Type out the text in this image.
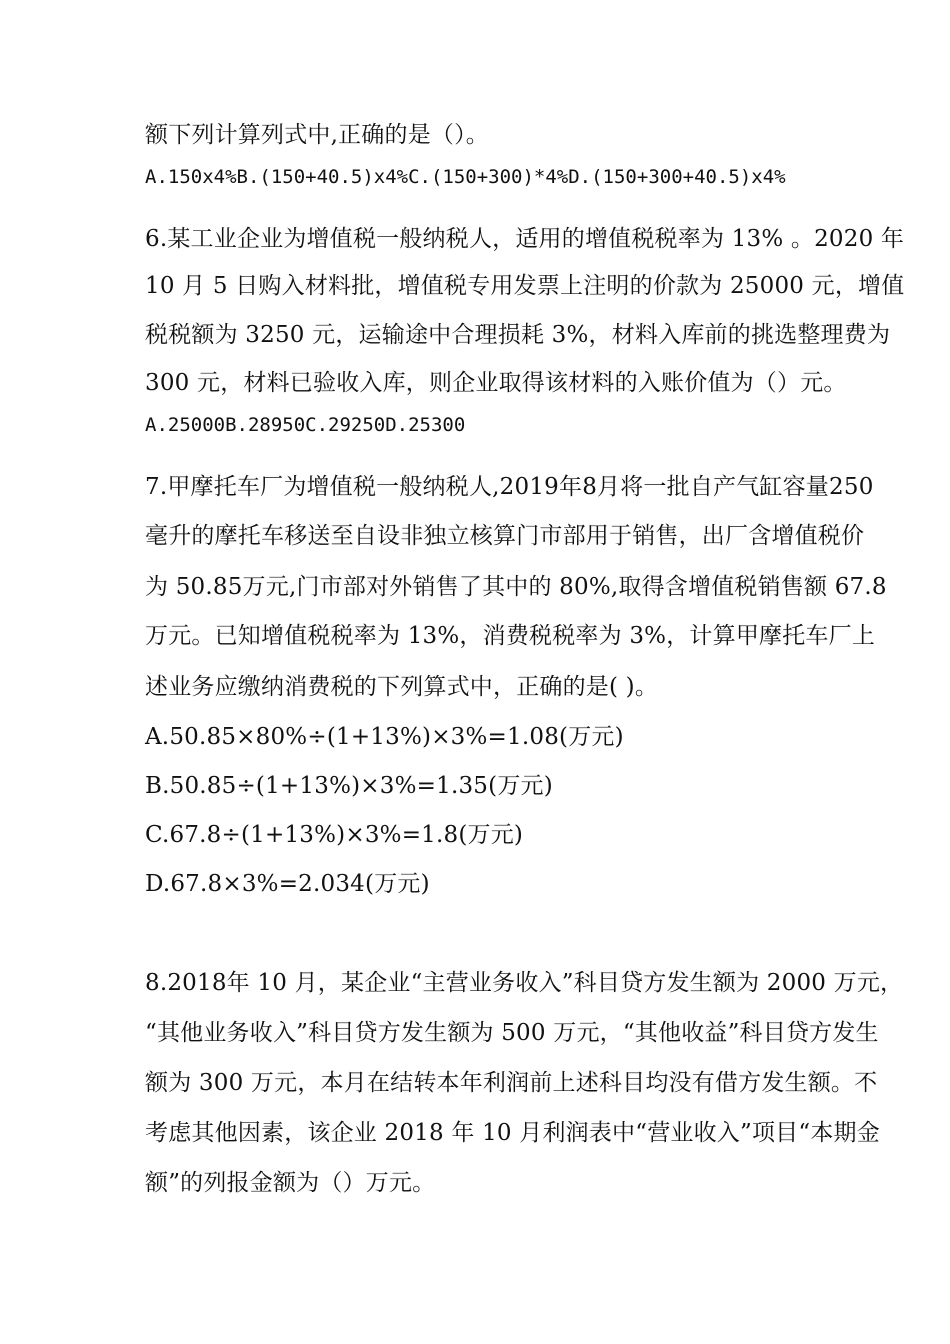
额下列计算列式中,正确的是（）。
A.150x4%B.(150+40.5)x4%C.(150+300)*4%D.(150+300+40.5)x4%
6.某工业企业为增值税一般纳税人，适用的增值税税率为 13% 。2020 年
10 月 5 日购入材料批，增值税专用发票上注明的价款为 25000 元，增值
税税额为 3250 元，运输途中合理损耗 3%，材料入库前的挑选整理费为
300 元，材料已验收入库，则企业取得该材料的入账价值为（）元。
A.25000B.28950C.29250D.25300
7.甲摩托车厂为增值税一般纳税人,2019年8月将一批自产气缸容量250
毫升的摩托车移送至自设非独立核算门市部用于销售，出厂含增值税价
为 50.85万元,门市部对外销售了其中的 80%,取得含增值税销售额 67.8
万元。已知增值税税率为 13%，消费税税率为 3%，计算甲摩托车厂上
述业务应缴纳消费税的下列算式中，正确的是( )。
A.50.85×80%÷(1+13%)×3%=1.08(万元)
B.50.85÷(1+13%)×3%=1.35(万元)
C.67.8÷(1+13%)×3%=1.8(万元)
D.67.8×3%=2.034(万元)
8.2018年 10 月，某企业“主营业务收入”科目贷方发生额为 2000 万元，
“其他业务收入”科目贷方发生额为 500 万元，“其他收益”科目贷方发生
额为 300 万元，本月在结转本年利润前上述科目均没有借方发生额。不
考虑其他因素，该企业 2018 年 10 月利润表中“营业收入”项目“本期金
额”的列报金额为（）万元。
